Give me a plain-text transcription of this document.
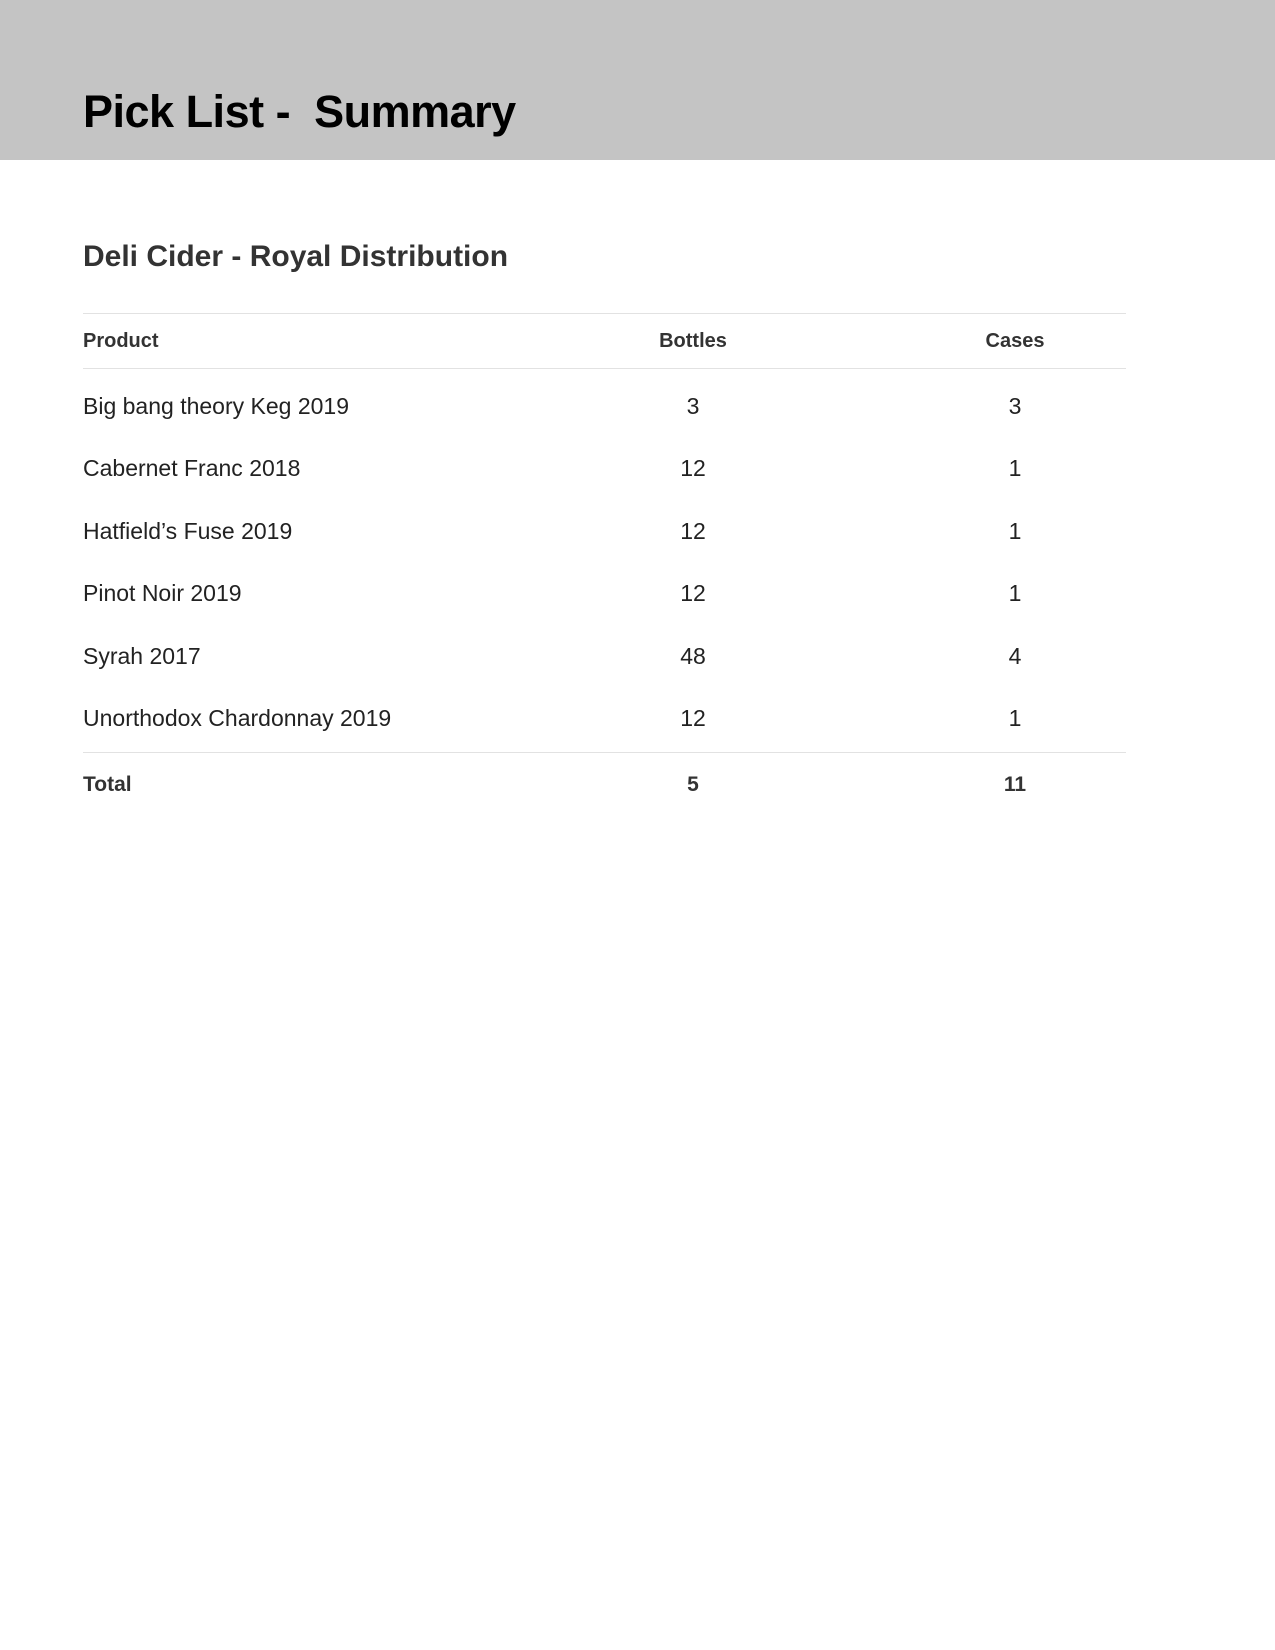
Pick List -  Summary
Deli Cider - Royal Distribution
Product	Bottles	Cases
Big bang theory Keg 2019	3	3
Cabernet Franc 2018	12	1
Hatfield’s Fuse 2019	12	1
Pinot Noir 2019	12	1
Syrah 2017	48	4
Unorthodox Chardonnay 2019	12	1
Total	5	11
